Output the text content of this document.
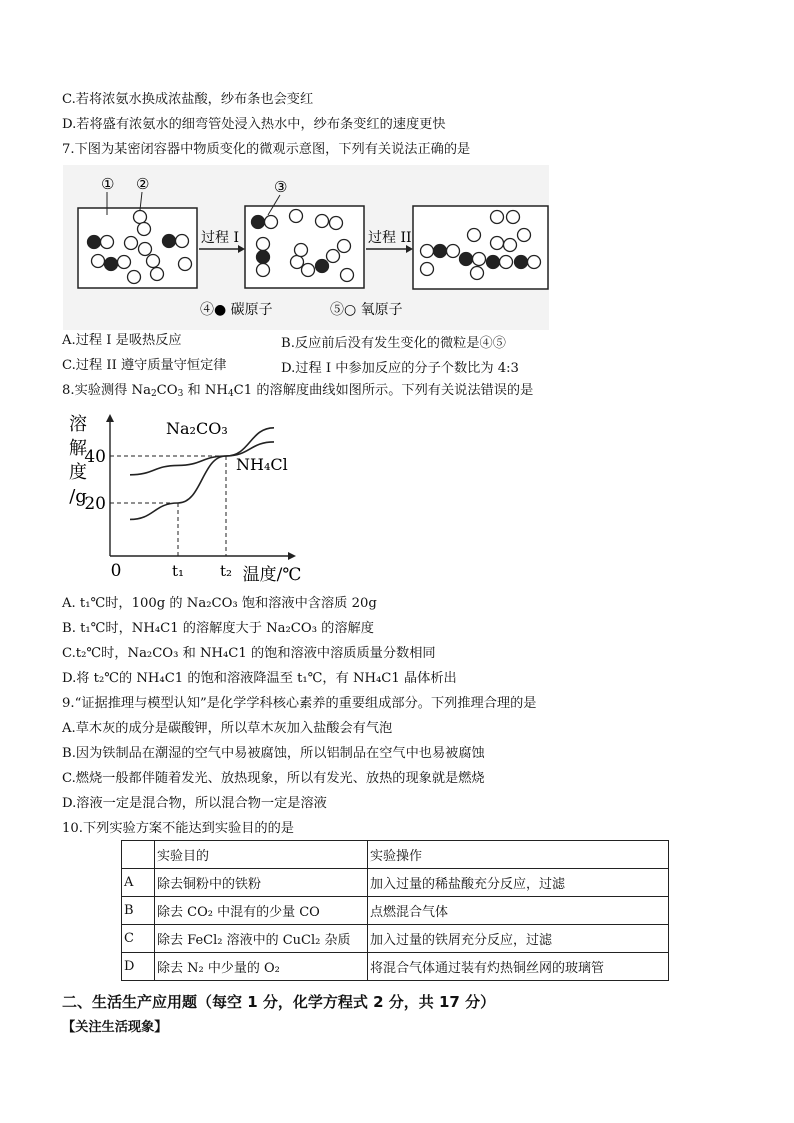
C.若将浓氨水换成浓盐酸，纱布条也会变红
D.若将盛有浓氨水的细弯管处浸入热水中，纱布条变红的速度更快
7.下图为某密闭容器中物质变化的微观示意图，下列有关说法正确的是
① ②	③
过程 I	过程 II
④● 碳原子	⑤○ 氧原子
A.过程 I 是吸热反应	B.反应前后没有发生变化的微粒是④⑤
C.过程 II 遵守质量守恒定律	D.过程 I 中参加反应的分子个数比为 4:3
8.实验测得 $Na_2CO_3$ 和 $NH_4C1$ 的溶解度曲线如图所示。下列有关说法错误的是
溶
解
度
/g
20
40
0	t₁ t₂ 温度/℃
Na₂CO₃
NH₄Cl
A. t₁℃时，100g 的 Na₂CO₃ 饱和溶液中含溶质 20g
B. t₁℃时，NH₄C1 的溶解度大于 Na₂CO₃ 的溶解度
C.t₂℃时，Na₂CO₃ 和 NH₄C1 的饱和溶液中溶质质量分数相同
D.将 t₂℃的 NH₄C1 的饱和溶液降温至 t₁℃，有 NH₄C1 晶体析出
9.“证据推理与模型认知”是化学学科核心素养的重要组成部分。下列推理合理的是
A.草木灰的成分是碳酸钾，所以草木灰加入盐酸会有气泡
B.因为铁制品在潮湿的空气中易被腐蚀，所以铝制品在空气中也易被腐蚀
C.燃烧一般都伴随着发光、放热现象，所以有发光、放热的现象就是燃烧
D.溶液一定是混合物，所以混合物一定是溶液
10.下列实验方案不能达到实验目的的是
	实验目的	实验操作
A	除去铜粉中的铁粉	加入过量的稀盐酸充分反应，过滤
B	除去 CO₂ 中混有的少量 CO	点燃混合气体
C	除去 FeCl₂ 溶液中的 CuCl₂ 杂质	加入过量的铁屑充分反应，过滤
D	除去 N₂ 中少量的 O₂	将混合气体通过装有灼热铜丝网的玻璃管
二、生活生产应用题（每空 1 分，化学方程式 2 分，共 17 分）
【关注生活现象】
